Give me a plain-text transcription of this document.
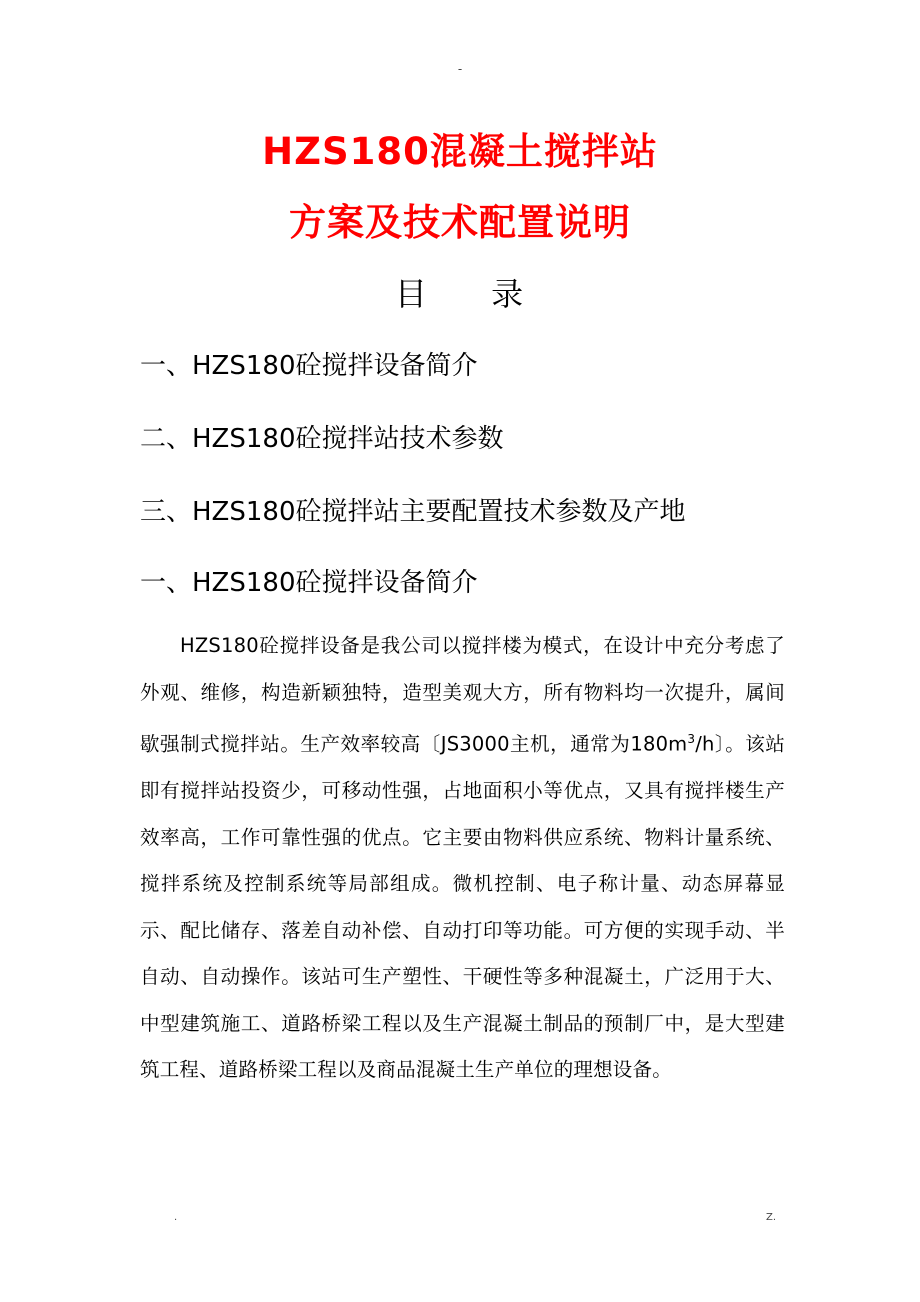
-
HZS180混凝土搅拌站
方案及技术配置说明
目 录
一、HZS180砼搅拌设备简介
二、HZS180砼搅拌站技术参数
三、HZS180砼搅拌站主要配置技术参数及产地
一、HZS180砼搅拌设备简介

HZS180砼搅拌设备是我公司以搅拌楼为模式，在设计中充分考虑了外观、维修，构造新颖独特，造型美观大方，所有物料均一次提升，属间歇强制式搅拌站。生产效率较高〔JS3000主机，通常为$180m^3/h$〕。该站即有搅拌站投资少，可移动性强，占地面积小等优点，又具有搅拌楼生产效率高，工作可靠性强的优点。它主要由物料供应系统、物料计量系统、搅拌系统及控制系统等局部组成。微机控制、电子称计量、动态屏幕显示、配比储存、落差自动补偿、自动打印等功能。可方便的实现手动、半自动、自动操作。该站可生产塑性、干硬性等多种混凝土，广泛用于大、中型建筑施工、道路桥梁工程以及生产混凝土制品的预制厂中，是大型建筑工程、道路桥梁工程以及商品混凝土生产单位的理想设备。

.	Z.
